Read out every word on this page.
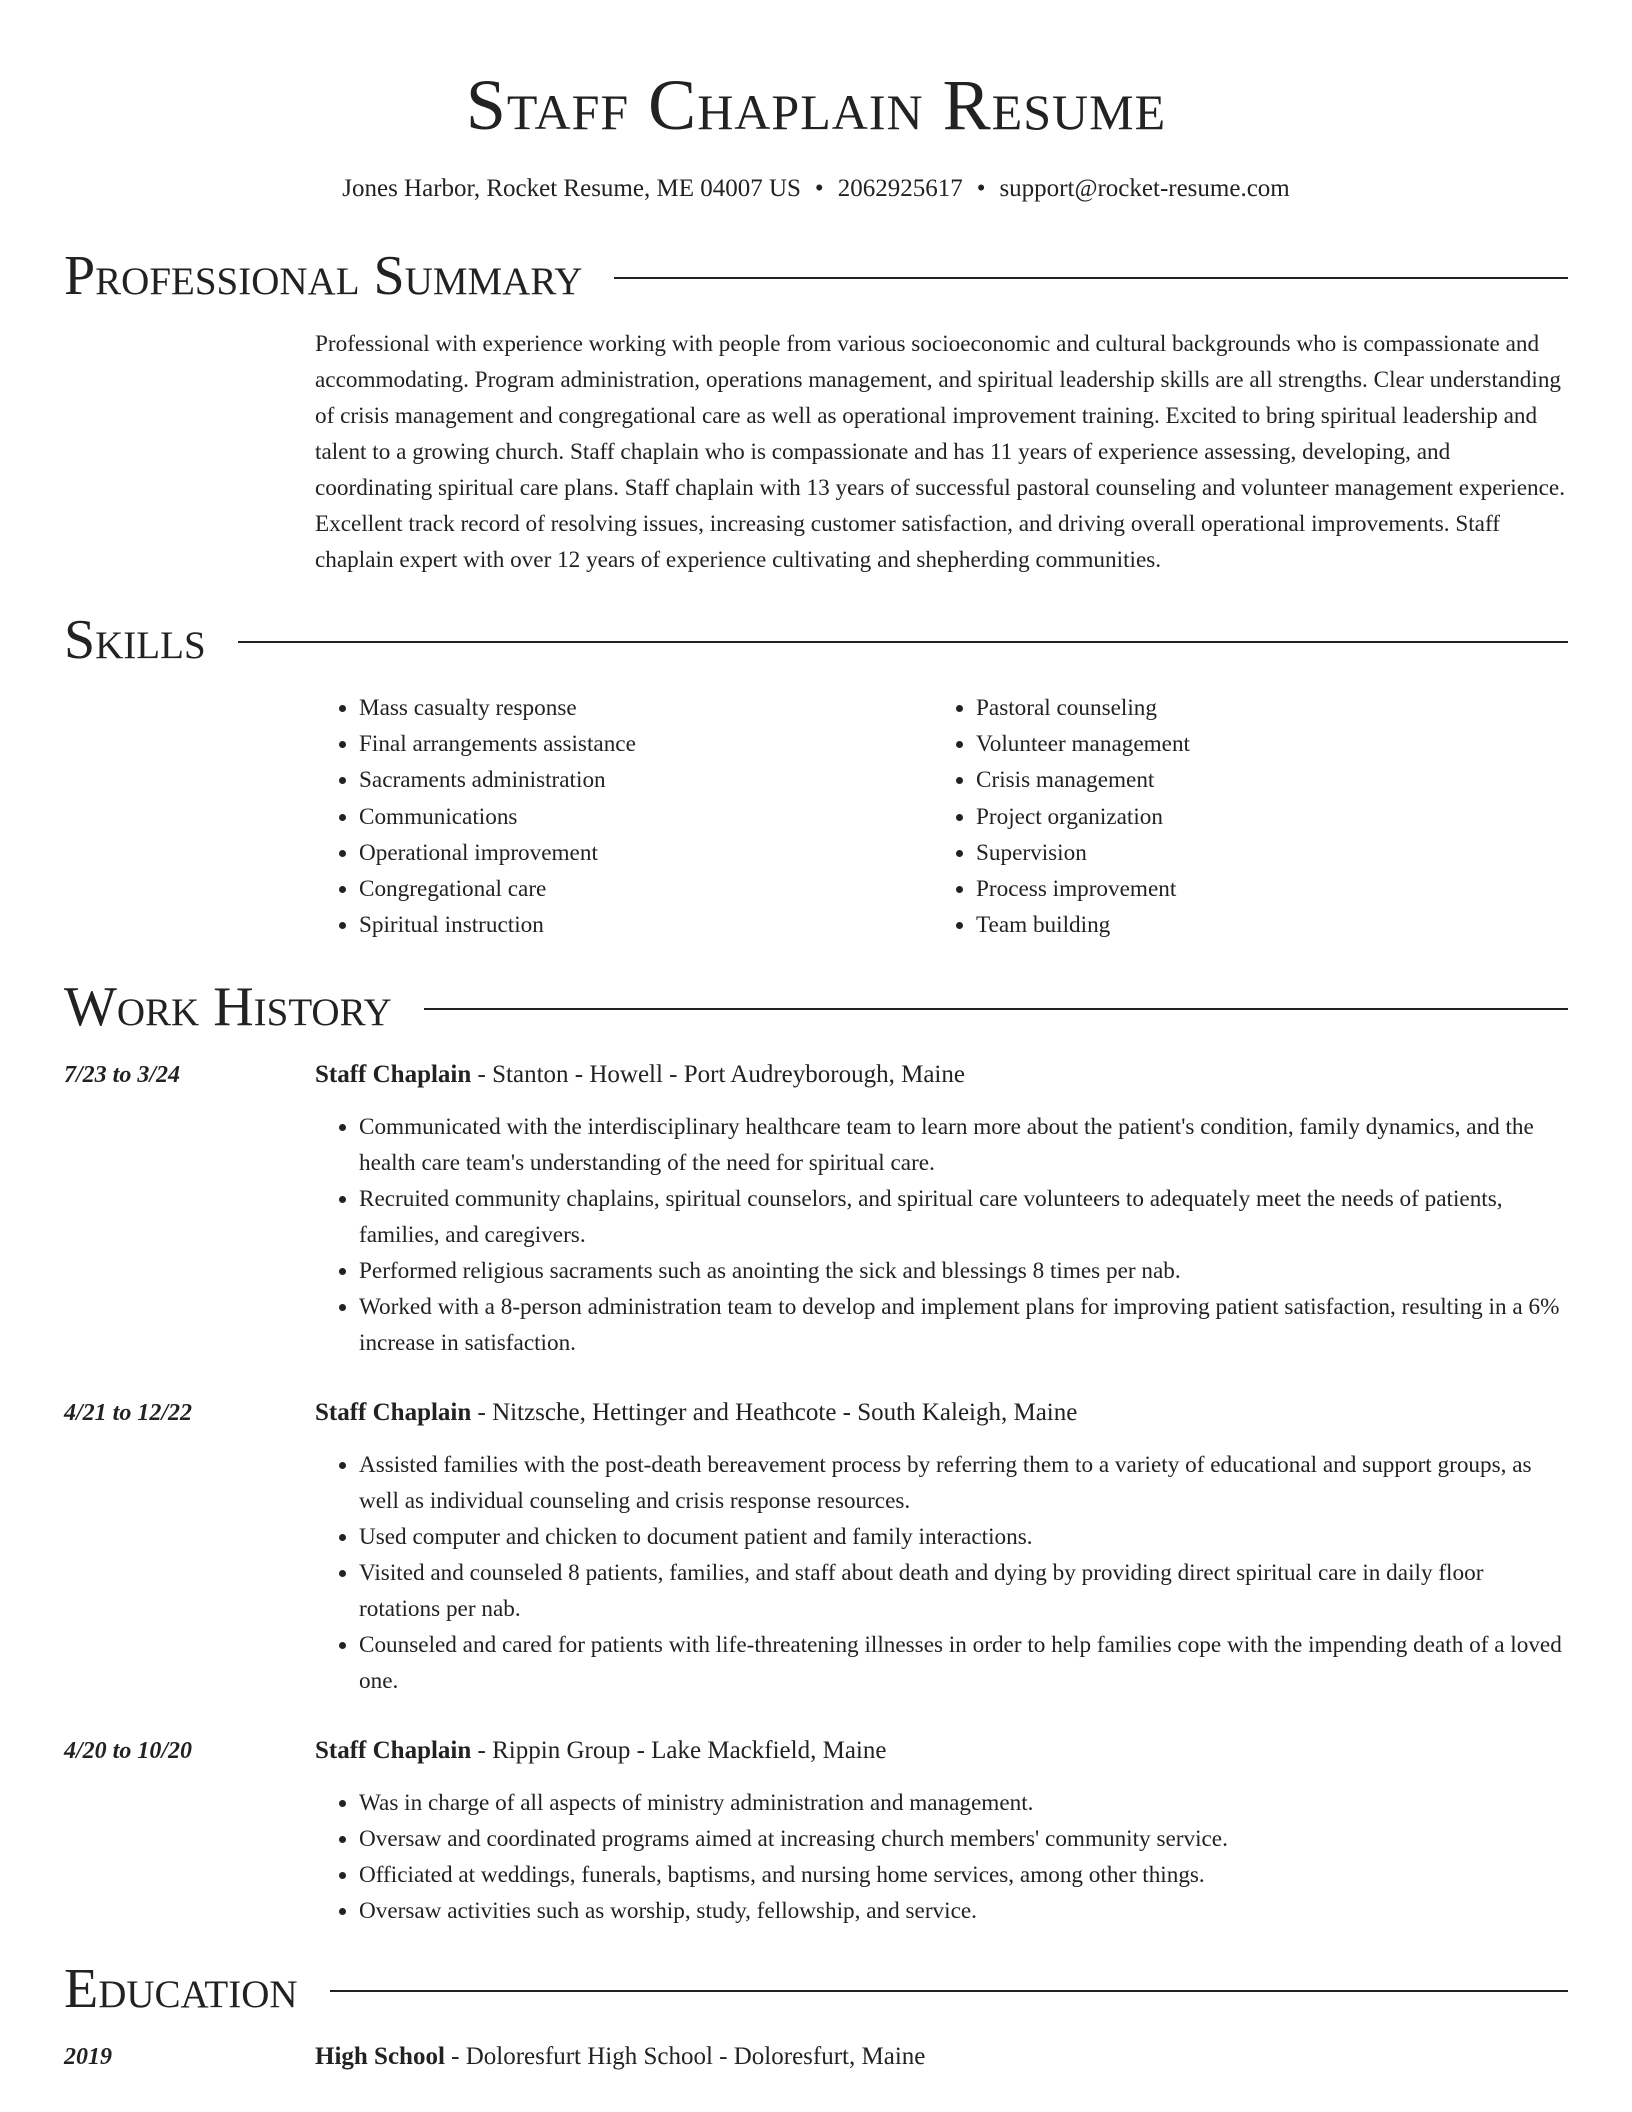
Staff Chaplain Resume
Jones Harbor, Rocket Resume, ME 04007 US • 2062925617 • support@rocket-resume.com
Professional Summary
Professional with experience working with people from various socioeconomic and cultural backgrounds who is compassionate and accommodating. Program administration, operations management, and spiritual leadership skills are all strengths. Clear understanding of crisis management and congregational care as well as operational improvement training. Excited to bring spiritual leadership and talent to a growing church. Staff chaplain who is compassionate and has 11 years of experience assessing, developing, and coordinating spiritual care plans. Staff chaplain with 13 years of successful pastoral counseling and volunteer management experience. Excellent track record of resolving issues, increasing customer satisfaction, and driving overall operational improvements. Staff chaplain expert with over 12 years of experience cultivating and shepherding communities.
Skills
• Mass casualty response
• Final arrangements assistance
• Sacraments administration
• Communications
• Operational improvement
• Congregational care
• Spiritual instruction
• Pastoral counseling
• Volunteer management
• Crisis management
• Project organization
• Supervision
• Process improvement
• Team building
Work History
7/23 to 3/24	Staff Chaplain - Stanton - Howell - Port Audreyborough, Maine
• Communicated with the interdisciplinary healthcare team to learn more about the patient's condition, family dynamics, and the health care team's understanding of the need for spiritual care.
• Recruited community chaplains, spiritual counselors, and spiritual care volunteers to adequately meet the needs of patients, families, and caregivers.
• Performed religious sacraments such as anointing the sick and blessings 8 times per nab.
• Worked with a 8-person administration team to develop and implement plans for improving patient satisfaction, resulting in a 6% increase in satisfaction.
4/21 to 12/22	Staff Chaplain - Nitzsche, Hettinger and Heathcote - South Kaleigh, Maine
• Assisted families with the post-death bereavement process by referring them to a variety of educational and support groups, as well as individual counseling and crisis response resources.
• Used computer and chicken to document patient and family interactions.
• Visited and counseled 8 patients, families, and staff about death and dying by providing direct spiritual care in daily floor rotations per nab.
• Counseled and cared for patients with life-threatening illnesses in order to help families cope with the impending death of a loved one.
4/20 to 10/20	Staff Chaplain - Rippin Group - Lake Mackfield, Maine
• Was in charge of all aspects of ministry administration and management.
• Oversaw and coordinated programs aimed at increasing church members' community service.
• Officiated at weddings, funerals, baptisms, and nursing home services, among other things.
• Oversaw activities such as worship, study, fellowship, and service.
Education
2019	High School - Doloresfurt High School - Doloresfurt, Maine
